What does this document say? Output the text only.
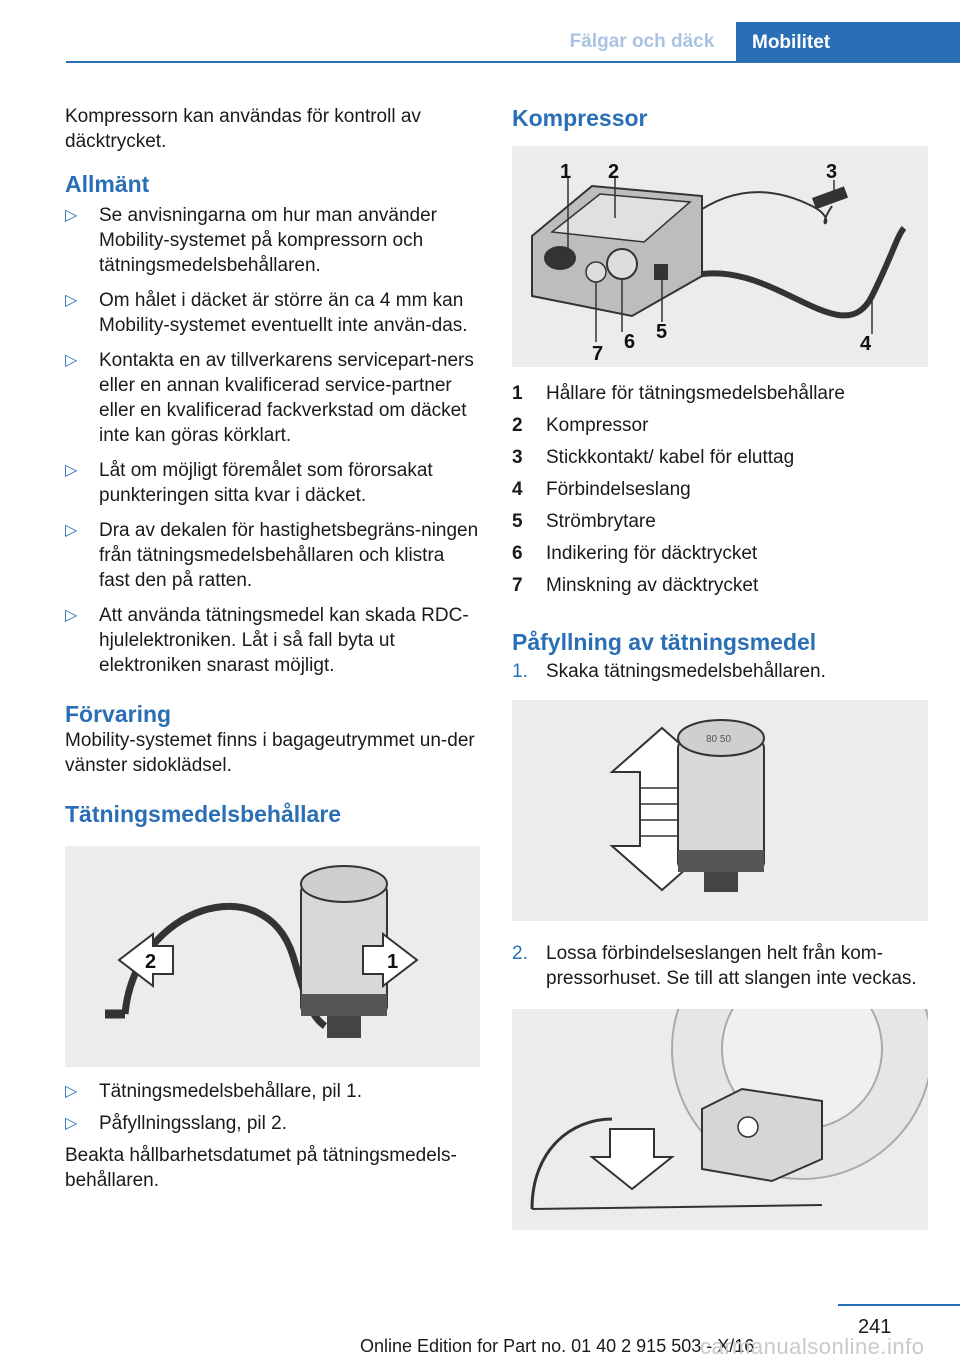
Fälgar och däck	Mobilitet

Kompressorn kan användas för kontroll av däcktrycket.

Allmänt
▷ Se anvisningarna om hur man använder Mobility-systemet på kompressorn och tätningsmedelsbehållaren.
▷ Om hålet i däcket är större än ca 4 mm kan Mobility-systemet eventuellt inte använ-das.
▷ Kontakta en av tillverkarens servicepart-ners eller en annan kvalificerad service-partner eller en kvalificerad fackverkstad om däcket inte kan göras körklart.
▷ Låt om möjligt föremålet som förorsakat punkteringen sitta kvar i däcket.
▷ Dra av dekalen för hastighetsbegräns-ningen från tätningsmedelsbehållaren och klistra fast den på ratten.
▷ Att använda tätningsmedel kan skada RDC-hjulelektroniken. Låt i så fall byta ut elektroniken snarast möjligt.
Förvaring

Mobility-systemet finns i bagageutrymmet un-der vänster sidoklädsel.

Tätningsmedelsbehållare
2	1
▷ Tätningsmedelsbehållare, pil 1.
▷ Påfyllningsslang, pil 2.

Beakta hållbarhetsdatumet på tätningsmedels-behållaren.

Kompressor
1 2	3
4
5
6
7
1	Hållare för tätningsmedelsbehållare
2	Kompressor
3	Stickkontakt/ kabel för eluttag
4	Förbindelseslang
5	Strömbrytare
6	Indikering för däcktrycket
7	Minskning av däcktrycket
Påfyllning av tätningsmedel
1. Skaka tätningsmedelsbehållaren.
80 50
2. Lossa förbindelseslangen helt från kom-pressorhuset. Se till att slangen inte veckas.
241
Online Edition for Part no. 01 40 2 915 503 - X/16
carmanualsonline.info
